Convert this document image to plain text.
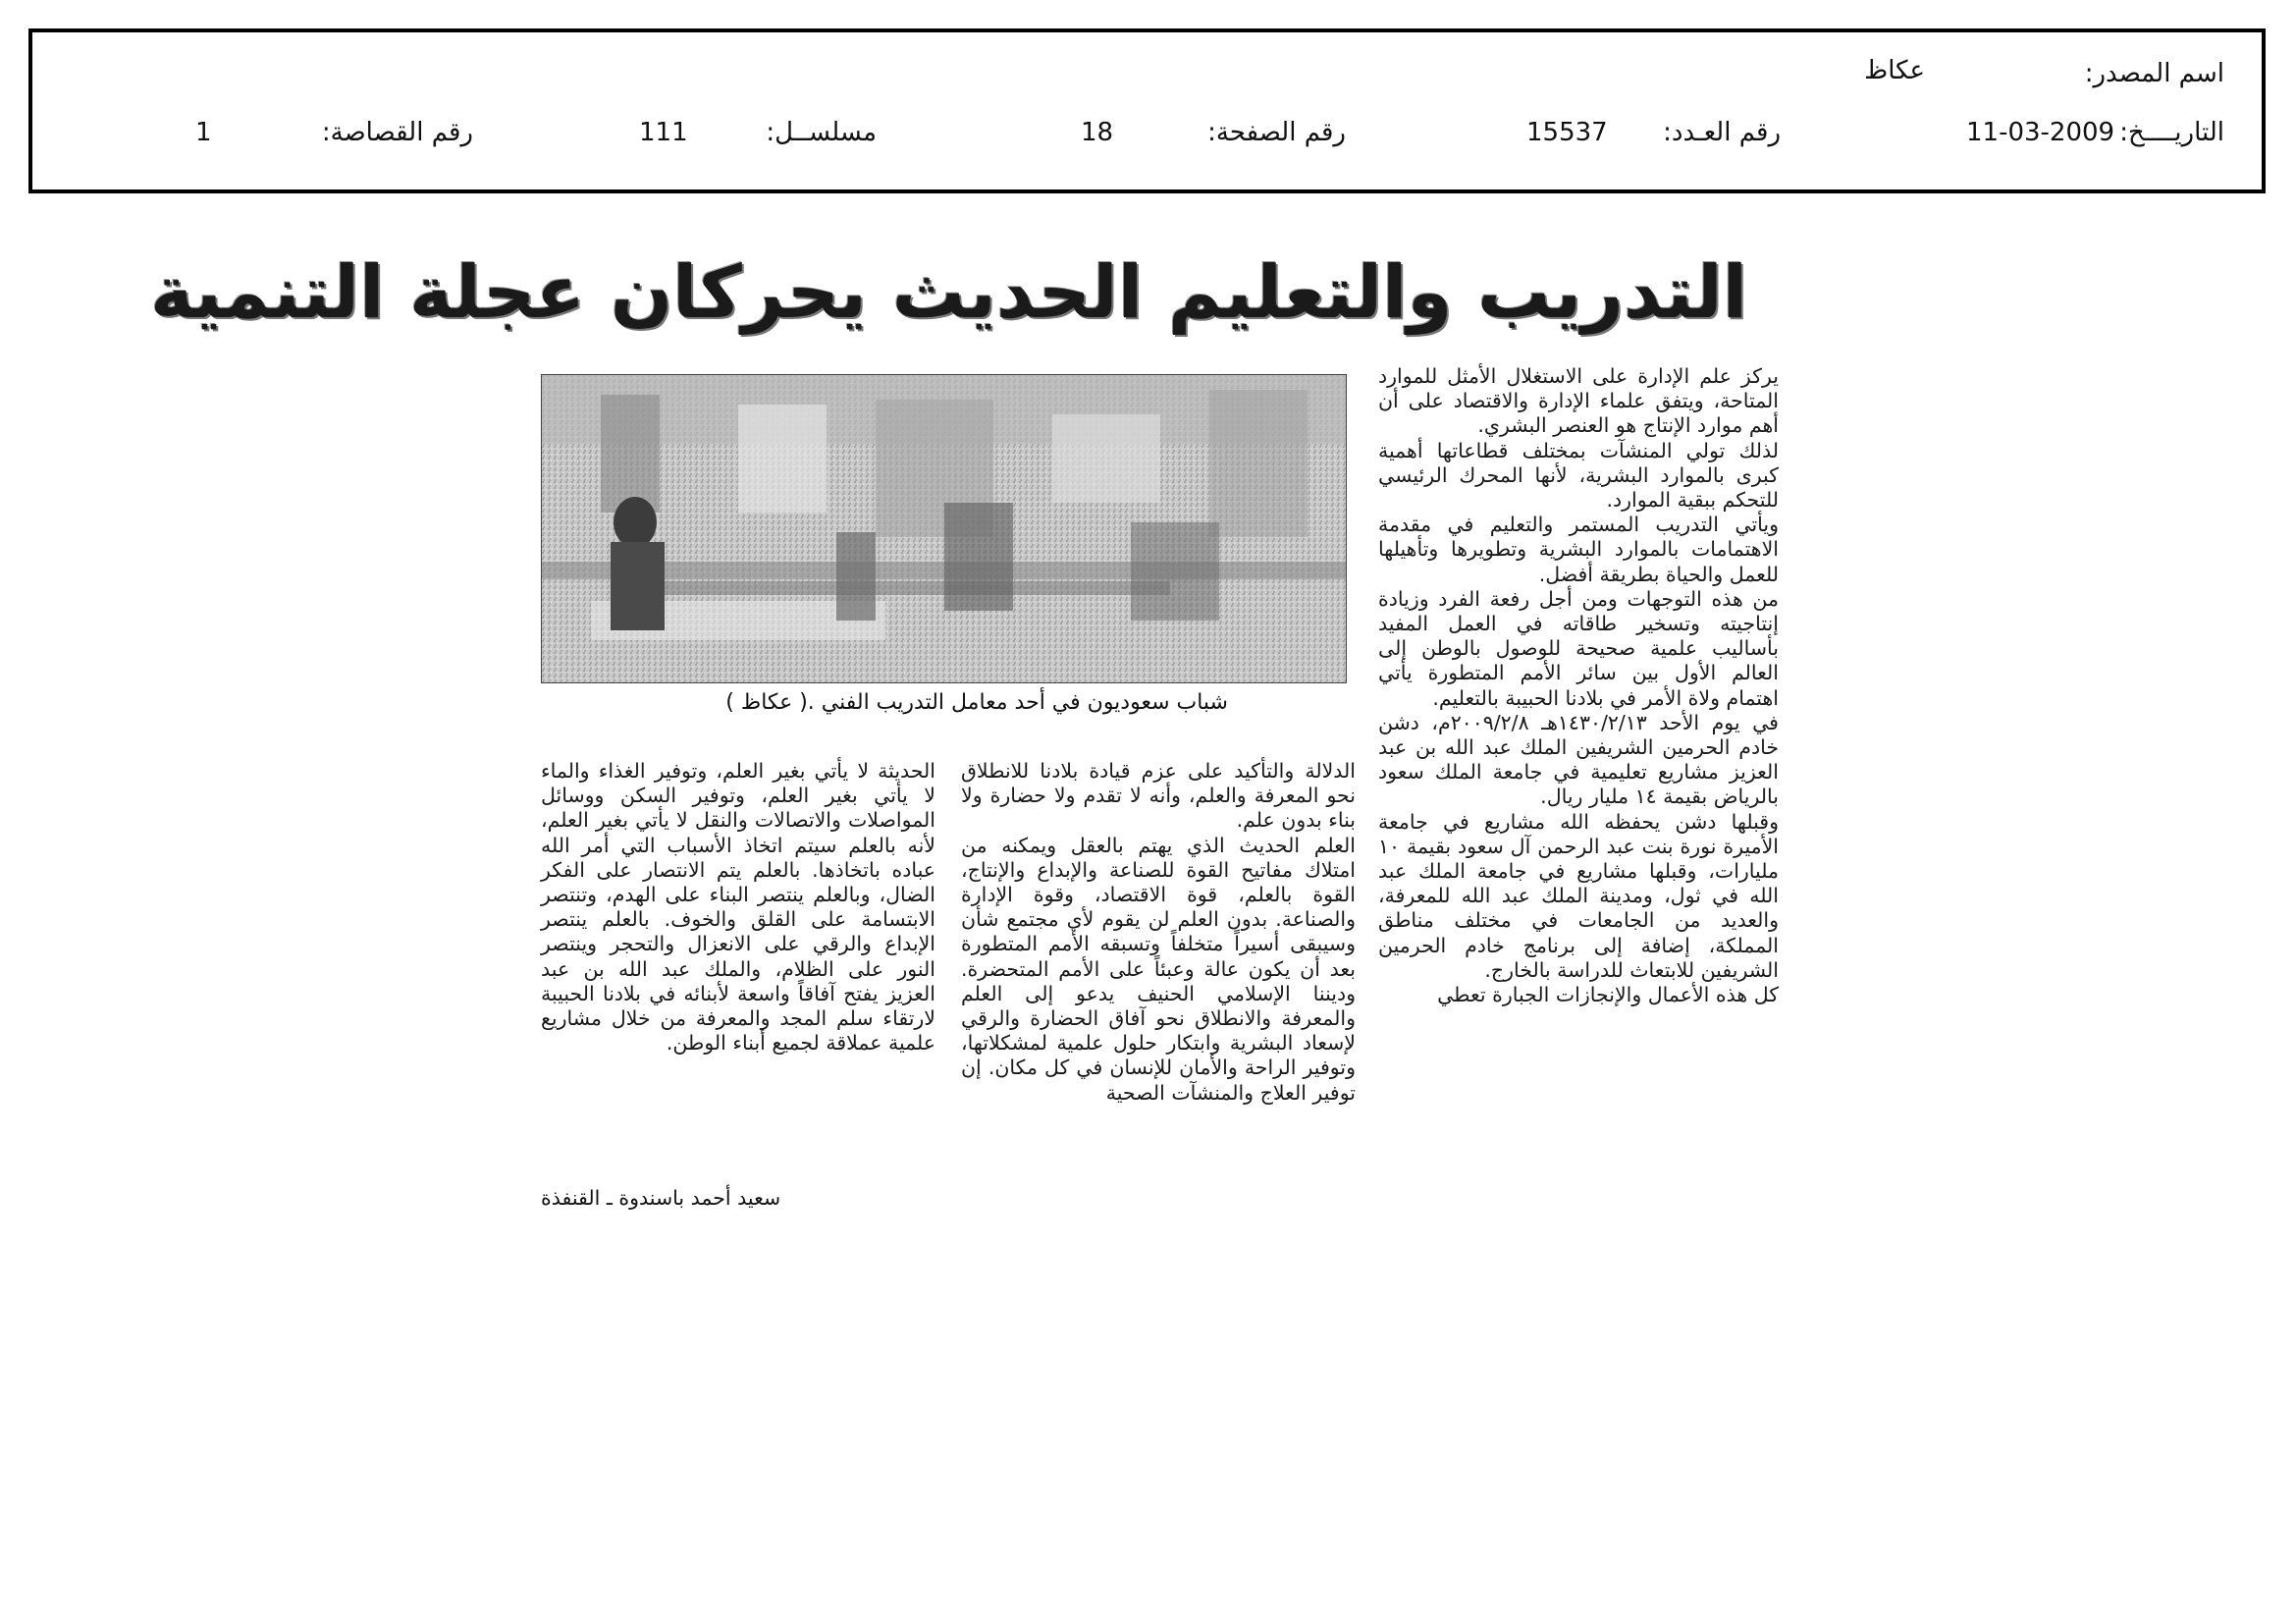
اسم المصدر:
عكاظ
التاريــــخ:
11-03-2009
رقم العـدد:
15537
رقم الصفحة:
18
مسلســل:
111
رقم القصاصة:
1
التدريب والتعليم الحديث يحركان عجلة التنمية
شباب سعوديون في أحد معامل التدريب الفني .( عكاظ )

يركز علم الإدارة على الاستغلال الأمثل للموارد المتاحة، ويتفق علماء الإدارة والاقتصاد على أن أهم موارد الإنتاج هو العنصر البشري.

لذلك تولي المنشآت بمختلف قطاعاتها أهمية كبرى بالموارد البشرية، لأنها المحرك الرئيسي للتحكم ببقية الموارد.

ويأتي التدريب المستمر والتعليم في مقدمة الاهتمامات بالموارد البشرية وتطويرها وتأهيلها للعمل والحياة بطريقة أفضل.

من هذه التوجهات ومن أجل رفعة الفرد وزيادة إنتاجيته وتسخير طاقاته في العمل المفيد بأساليب علمية صحيحة للوصول بالوطن إلى العالم الأول بين سائر الأمم المتطورة يأتي اهتمام ولاة الأمر في بلادنا الحبيبة بالتعليم.

في يوم الأحد ١٤٣٠/٢/١٣هـ ٢٠٠٩/٢/٨م، دشن خادم الحرمين الشريفين الملك عبد الله بن عبد العزيز مشاريع تعليمية في جامعة الملك سعود بالرياض بقيمة ١٤ مليار ريال.

وقبلها دشن يحفظه الله مشاريع في جامعة الأميرة نورة بنت عبد الرحمن آل سعود بقيمة ١٠ مليارات، وقبلها مشاريع في جامعة الملك عبد الله في ثول، ومدينة الملك عبد الله للمعرفة، والعديد من الجامعات في مختلف مناطق المملكة، إضافة إلى برنامج خادم الحرمين الشريفين للابتعاث للدراسة بالخارج.

كل هذه الأعمال والإنجازات الجبارة تعطي

الدلالة والتأكيد على عزم قيادة بلادنا للانطلاق نحو المعرفة والعلم، وأنه لا تقدم ولا حضارة ولا بناء بدون علم.

العلم الحديث الذي يهتم بالعقل ويمكنه من امتلاك مفاتيح القوة للصناعة والإبداع والإنتاج، القوة بالعلم، قوة الاقتصاد، وقوة الإدارة والصناعة. بدون العلم لن يقوم لأي مجتمع شأن وسيبقى أسيراً متخلفاً وتسبقه الأمم المتطورة بعد أن يكون عالة وعبئاً على الأمم المتحضرة. وديننا الإسلامي الحنيف يدعو إلى العلم والمعرفة والانطلاق نحو آفاق الحضارة والرقي لإسعاد البشرية وابتكار حلول علمية لمشكلاتها، وتوفير الراحة والأمان للإنسان في كل مكان. إن توفير العلاج والمنشآت الصحية

الحديثة لا يأتي بغير العلم، وتوفير الغذاء والماء لا يأتي بغير العلم، وتوفير السكن ووسائل المواصلات والاتصالات والنقل لا يأتي بغير العلم، لأنه بالعلم سيتم اتخاذ الأسباب التي أمر الله عباده باتخاذها. بالعلم يتم الانتصار على الفكر الضال، وبالعلم ينتصر البناء على الهدم، وتنتصر الابتسامة على القلق والخوف. بالعلم ينتصر الإبداع والرقي على الانعزال والتحجر وينتصر النور على الظلام، والملك عبد الله بن عبد العزيز يفتح آفاقاً واسعة لأبنائه في بلادنا الحبيبة لارتقاء سلم المجد والمعرفة من خلال مشاريع علمية عملاقة لجميع أبناء الوطن.

سعيد أحمد باسندوة ـ القنفذة
